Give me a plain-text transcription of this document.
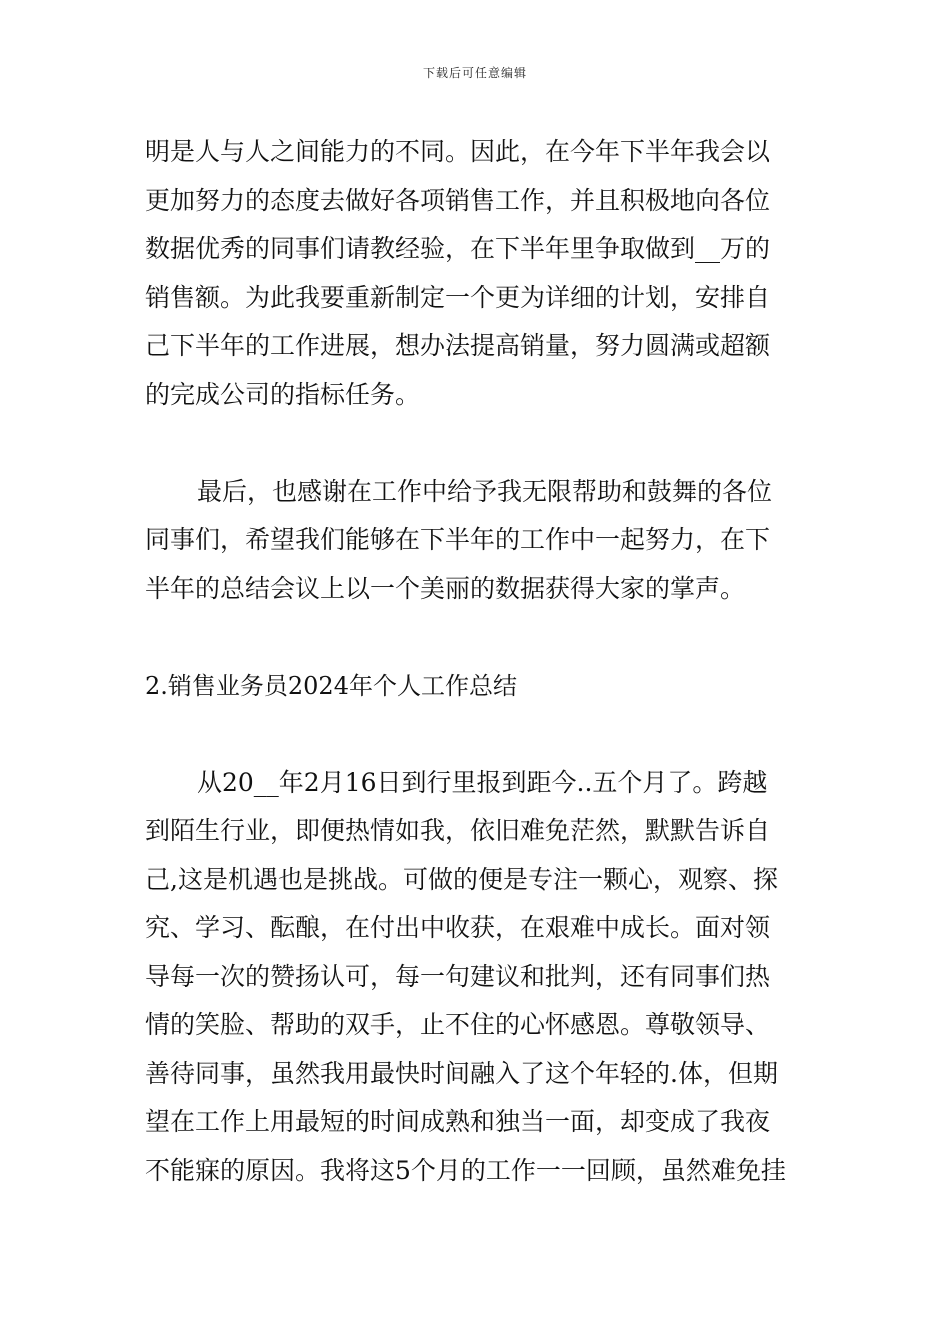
下载后可任意编辑
明是人与人之间能力的不同。因此，在今年下半年我会以
更加努力的态度去做好各项销售工作，并且积极地向各位
数据优秀的同事们请教经验，在下半年里争取做到__万的
销售额。为此我要重新制定一个更为详细的计划，安排自
己下半年的工作进展，想办法提高销量，努力圆满或超额
的完成公司的指标任务。
最后，也感谢在工作中给予我无限帮助和鼓舞的各位
同事们，希望我们能够在下半年的工作中一起努力，在下
半年的总结会议上以一个美丽的数据获得大家的掌声。
2.销售业务员2024年个人工作总结
从20__年2月16日到行里报到距今..五个月了。跨越
到陌生行业，即便热情如我，依旧难免茫然，默默告诉自
己,这是机遇也是挑战。可做的便是专注一颗心，观察、探
究、学习、酝酿，在付出中收获，在艰难中成长。面对领
导每一次的赞扬认可，每一句建议和批判，还有同事们热
情的笑脸、帮助的双手，止不住的心怀感恩。尊敬领导、
善待同事，虽然我用最快时间融入了这个年轻的.体，但期
望在工作上用最短的时间成熟和独当一面，却变成了我夜
不能寐的原因。我将这5个月的工作一一回顾，虽然难免挂
